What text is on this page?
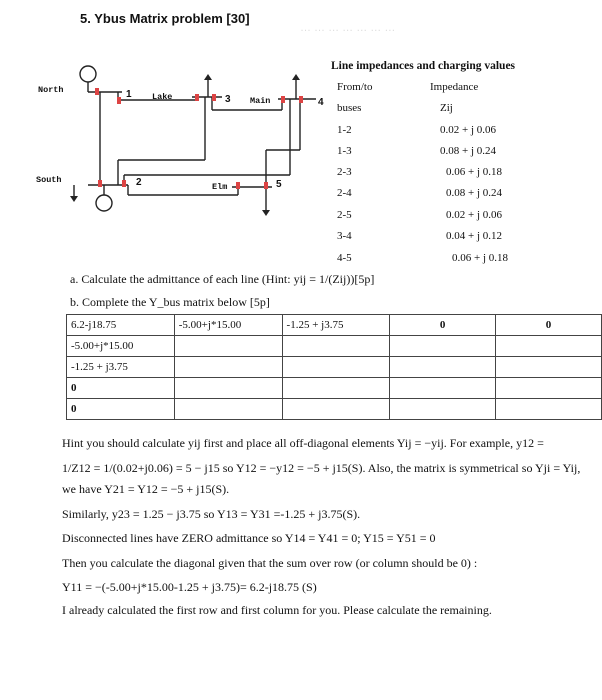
5. Ybus Matrix problem [30]
… … … … … … …
North
South
Lake	Main
Elm
1	3	4
2	5
Line impedances and charging values
From/to	Impedance
buses	Zij
1-2	0.02 + j 0.06
1-3	0.08 + j 0.24
2-3	0.06 + j 0.18
2-4	0.08 + j 0.24
2-5	0.02 + j 0.06
3-4	0.04 + j 0.12
4-5	0.06 + j 0.18
a. Calculate the admittance of each line (Hint: yij = 1/(Zij))[5p]
b. Complete the Y_bus matrix below [5p]
6.2-j18.75	-5.00+j*15.00	-1.25 + j3.75	0	0
-5.00+j*15.00				
-1.25 + j3.75				
0				
0				
Hint you should calculate yij first and place all off-diagonal elements Yij = −yij. For example, y12 =
1/Z12 = 1/(0.02+j0.06) = 5 − j15 so Y12 = −y12 = −5 + j15(S). Also, the matrix is symmetrical so Yji = Yij,
we have Y21 = Y12 = −5 + j15(S).
Similarly, y23 = 1.25 − j3.75 so Y13 = Y31 =-1.25 + j3.75(S).
Disconnected lines have ZERO admittance so Y14 = Y41 = 0; Y15 = Y51 = 0
Then you calculate the diagonal given that the sum over row (or column should be 0) :
Y11 = −(-5.00+j*15.00-1.25 + j3.75)= 6.2-j18.75 (S)
I already calculated the first row and first column for you. Please calculate the remaining.
